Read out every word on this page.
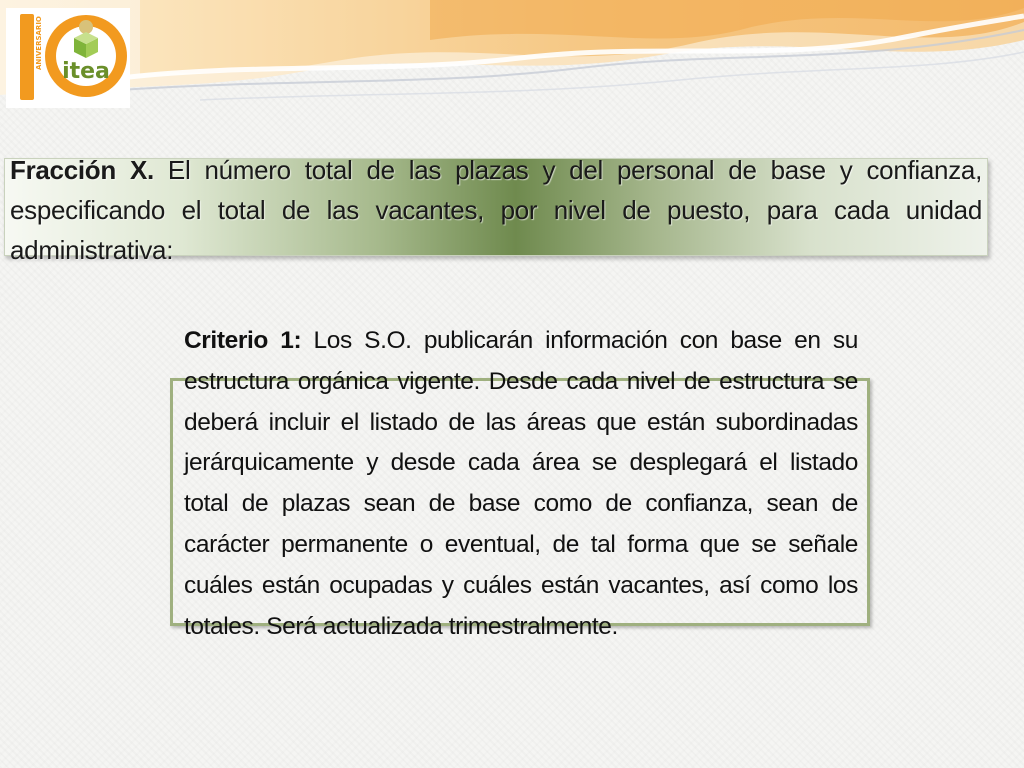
ANIVERSARIO
itea

Fracción X. El número total de las plazas y del personal de base y confianza, especificando el total de las vacantes, por nivel de puesto, para cada unidad administrativa:

Criterio 1: Los S.O. publicarán información con base en su estructura orgánica vigente. Desde cada nivel de estructura se deberá incluir el listado de las áreas que están subordinadas jerárquicamente y desde cada área se desplegará el listado total de plazas sean de base como de confianza, sean de carácter permanente o eventual, de tal forma que se señale cuáles están ocupadas y cuáles están vacantes, así como los totales. Será actualizada trimestralmente.
